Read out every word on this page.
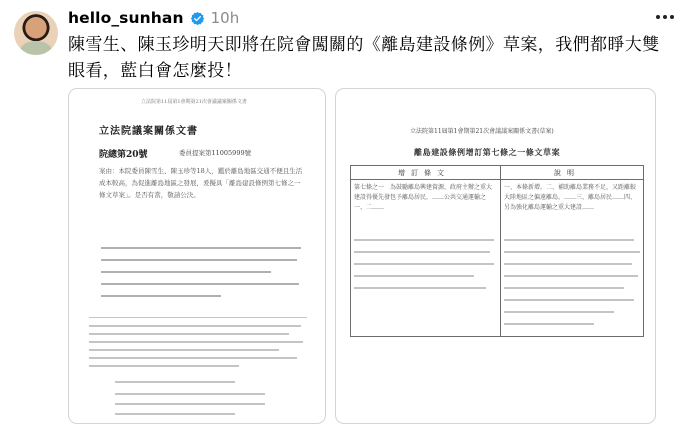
hello_sunhan 10h
陳雪生、陳玉珍明天即將在院會闖關的《離島建設條例》草案，我們都睜大雙
眼看，藍白會怎麼投！
立法院第11屆第1會期第21次會議議案關係文書
立法院議案關係文書
院總第20號	委員提案第11005999號
案由：本院委員陳雪生、陳玉珍等18人，鑑於離島地區交通不便且生活成本較高，為促進離島地區之發展，爰擬具「離島建設條例第七條之一條文草案」。是否有當，敬請公決。
立法院第11屆第1會期第21次會議議案關係文書(草案)
離島建設條例增訂第七條之一條文草案
增訂條文	說明
第七條之一　為鼓勵離島興建資源，政府主辦之重大建設得優先發包予離島居民，……公共交通運輸之一、二……
一、本條新增。二、補助離島業務不足，又距離較大陸地區之偏遠離島，……三、離島居民……四、另為強化離島運輸之重大建設……
